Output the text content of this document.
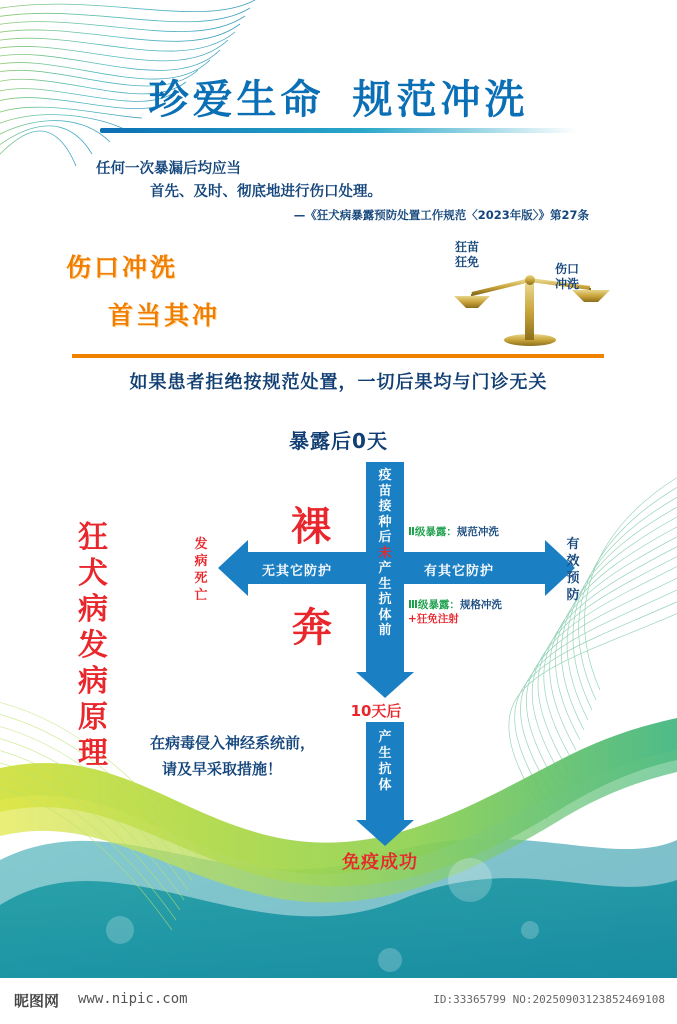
珍爱生命 规范冲洗
任何一次暴漏后均应当
首先、及时、彻底地进行伤口处理。
—《狂犬病暴露预防处置工作规范〈2023年版〉》第27条
伤口冲洗
首当其冲
狂苗
狂免	伤口
冲洗
如果患者拒绝按规范处置，一切后果均与门诊无关
暴露后0天
无其它防护	有其它防护
疫
苗
接
种
后
未
产
生
抗
体
前
裸
奔
发
病
死
亡
有
效
预
防
Ⅱ级暴露：规范冲洗
Ⅲ级暴露：规格冲洗
+狂免注射
10天后
产
生
抗
体
免疫成功
在病毒侵入神经系统前，
请及早采取措施！
狂
犬
病
发
病
原
理
昵图网 www.nipic.com	ID:33365799 NO:20250903123852469108
